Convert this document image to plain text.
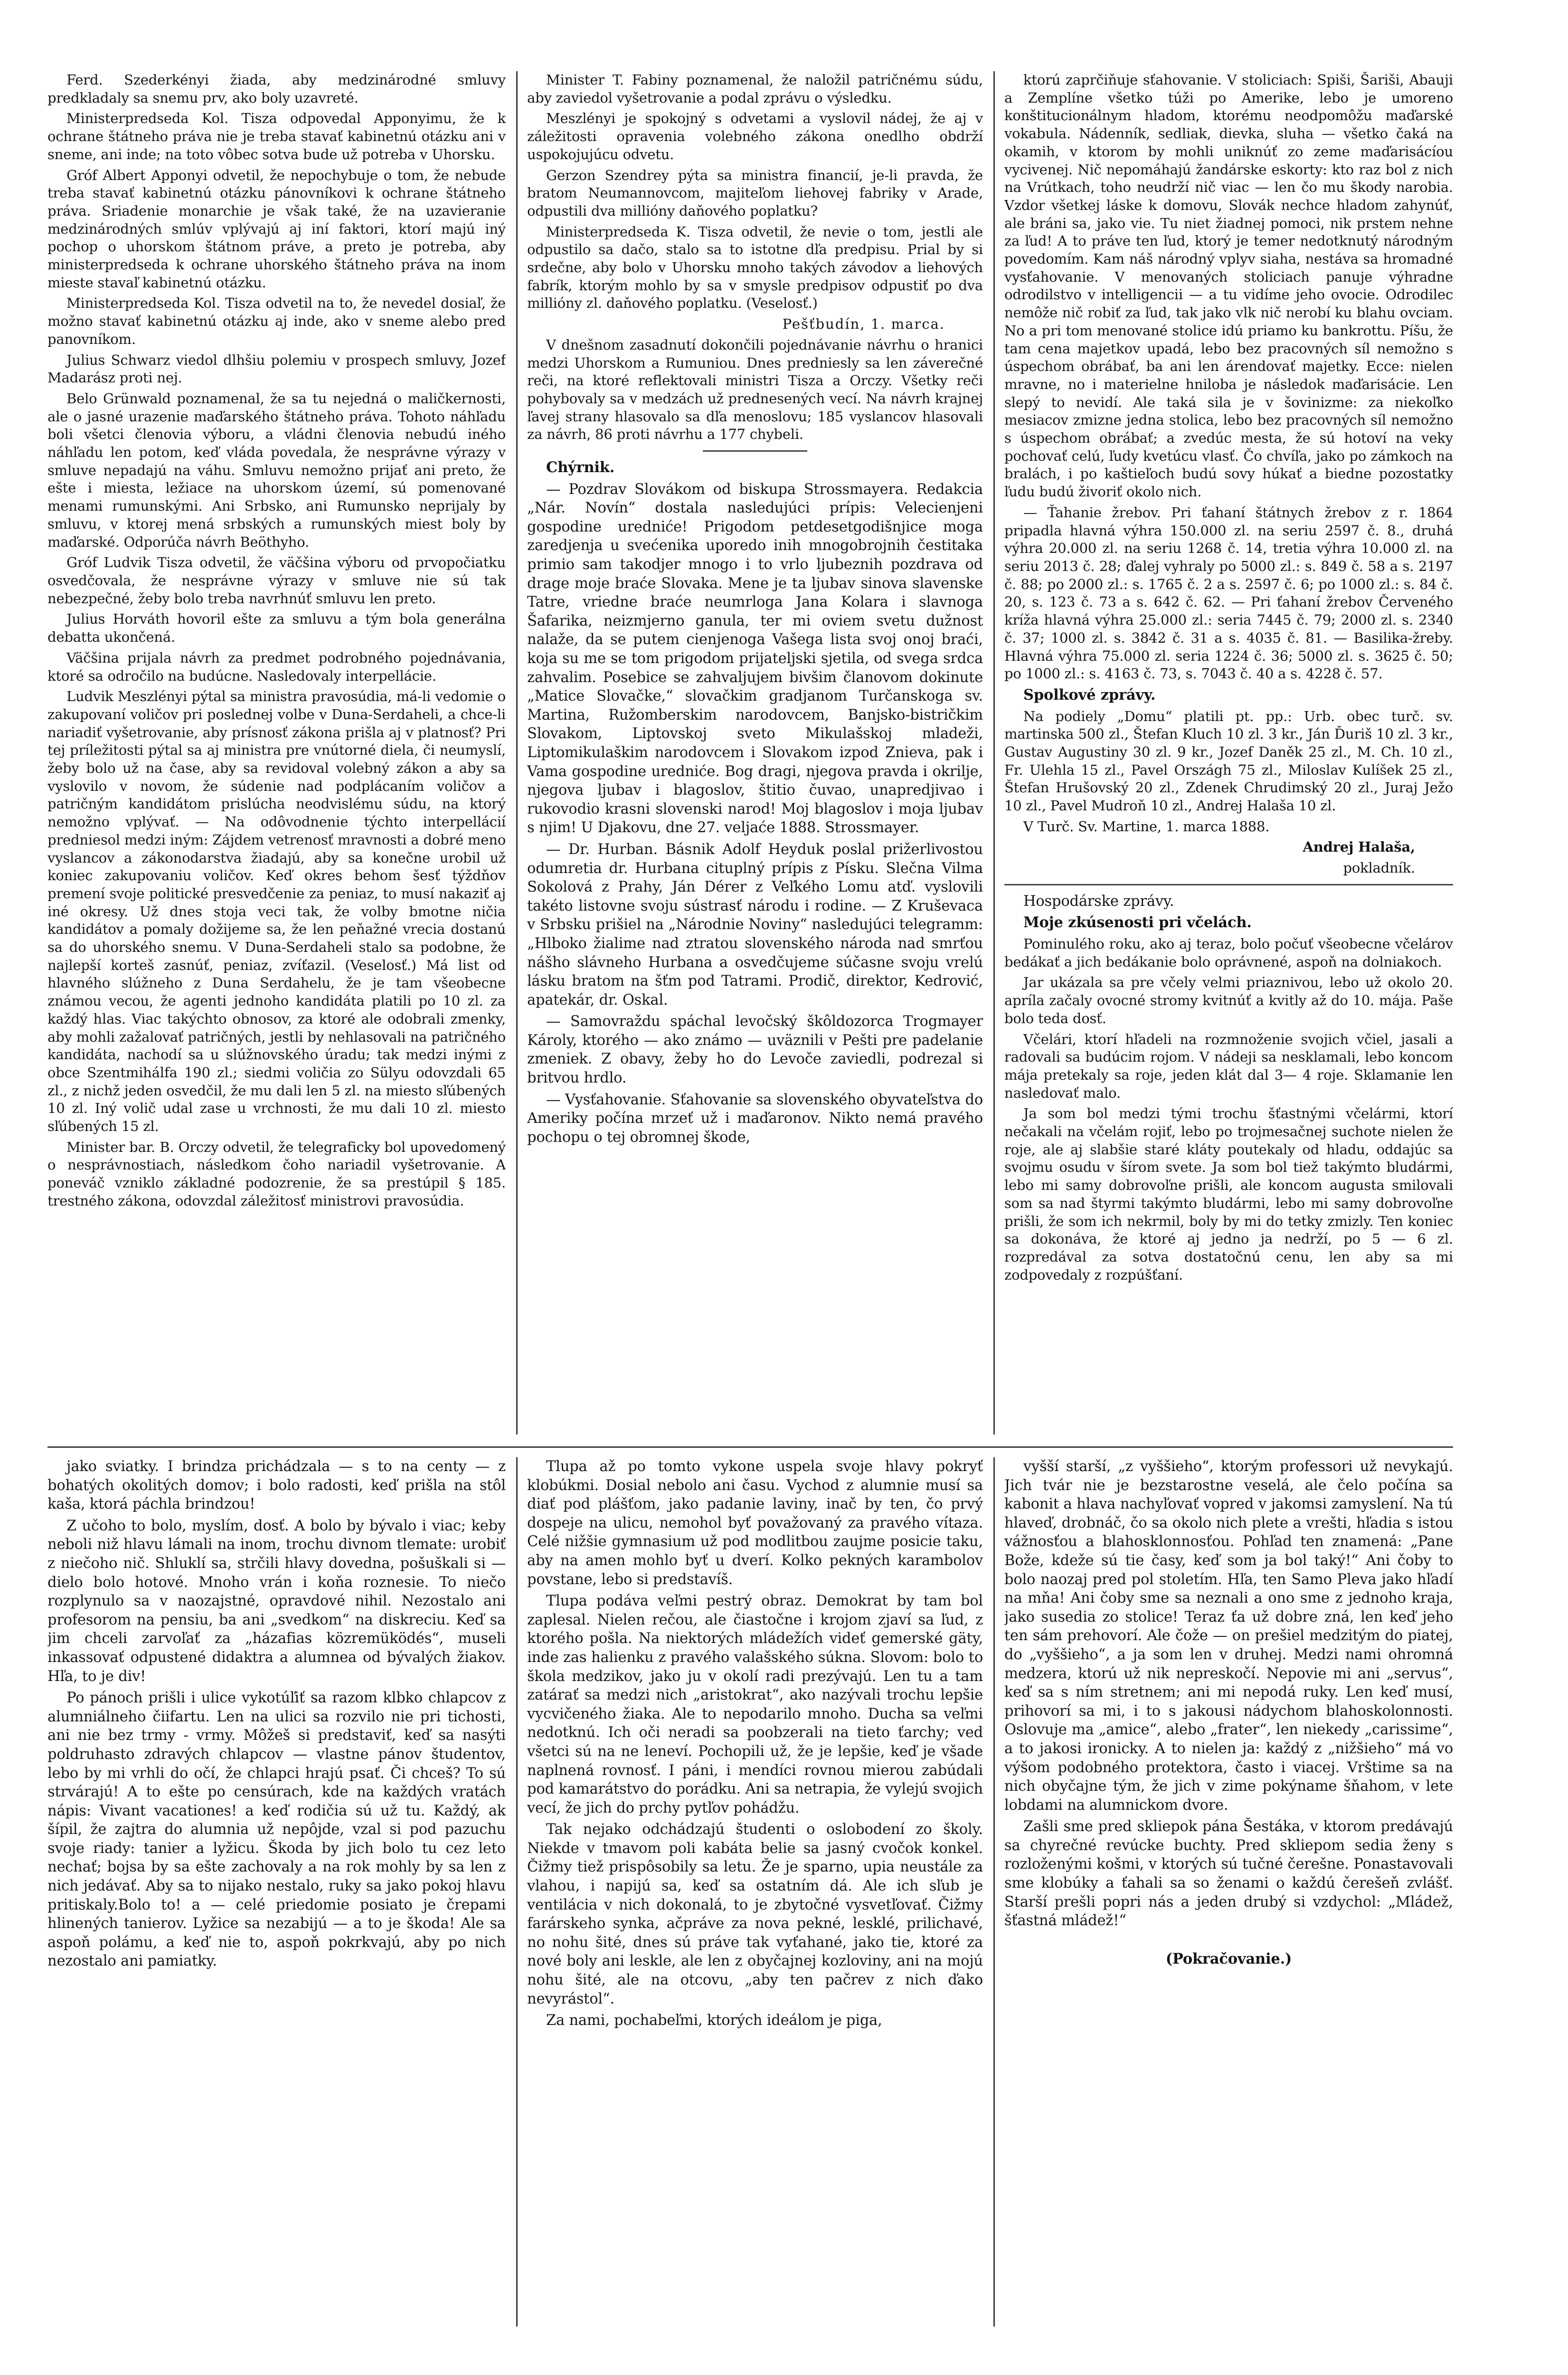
Ferd. Szederkényi žiada, aby medzinárodné smluvy predkladaly sa snemu prv, ako boly uzavreté.

Ministerpredseda Kol. Tisza odpovedal Apponyimu, že k ochrane štátneho práva nie je treba stavať kabinetnú otázku ani v sneme, ani inde; na toto vôbec sotva bude už potreba v Uhorsku.

Gróf Albert Apponyi odvetil, že nepochybuje o tom, že nebude treba stavať kabinetnú otázku pánovníkovi k ochrane štátneho práva. Sriadenie monarchie je však také, že na uzavieranie medzinárodných smlúv vplývajú aj iní faktori, ktorí majú iný pochop o uhorskom štátnom práve, a preto je potreba, aby ministerpredseda k ochrane uhorského štátneho práva na inom mieste stavaľ kabinetnú otázku.

Ministerpredseda Kol. Tisza odvetil na to, že nevedel dosiaľ, že možno stavať kabinetnú otázku aj inde, ako v sneme alebo pred panovníkom.

Julius Schwarz viedol dlhšiu polemiu v prospech smluvy, Jozef Madarász proti nej.

Belo Grünwald poznamenal, že sa tu nejedná o maličkernosti, ale o jasné urazenie maďarského štátneho práva. Tohoto náhľadu boli všetci členovia výboru, a vládni členovia nebudú iného náhľadu len potom, keď vláda povedala, že nesprávne výrazy v smluve nepadajú na váhu. Smluvu nemožno prijať ani preto, že ešte i miesta, ležiace na uhorskom území, sú pomenované menami rumunskými. Ani Srbsko, ani Rumunsko neprijaly by smluvu, v ktorej mená srbských a rumunských miest boly by maďarské. Odporúča návrh Beöthyho.

Gróf Ludvik Tisza odvetil, že väčšina výboru od prvopočiatku osvedčovala, že nesprávne výrazy v smluve nie sú tak nebezpečné, žeby bolo treba navrhnúť smluvu len preto.

Julius Horváth hovoril ešte za smluvu a tým bola generálna debatta ukončená.

Väčšina prijala návrh za predmet podrobného pojednávania, ktoré sa odročilo na budúcne. Nasledovaly interpellácie.

Ludvik Meszlényi pýtal sa ministra pravosúdia, má-li vedomie o zakupovaní voličov pri poslednej volbe v Duna-Serdaheli, a chce-li nariadiť vyšetrovanie, aby prísnosť zákona prišla aj v platnosť? Pri tej príležitosti pýtal sa aj ministra pre vnútorné diela, či neumyslí, žeby bolo už na čase, aby sa revidoval volebný zákon a aby sa vyslovilo v novom, že súdenie nad podplácaním voličov a patričným kandidátom prislúcha neodvislému súdu, na ktorý nemožno vplývať. — Na odôvodnenie týchto interpellácií predniesol medzi iným: Zájdem vetrenosť mravnosti a dobré meno vyslancov a zákonodarstva žiadajú, aby sa konečne urobil už koniec zakupovaniu voličov. Keď okres behom šesť týždňov premení svoje politické presvedčenie za peniaz, to musí nakaziť aj iné okresy. Už dnes stoja veci tak, že volby bmotne ničia kandidátov a pomaly dožijeme sa, že len peňažné vrecia dostanú sa do uhorského snemu. V Duna-Serdaheli stalo sa podobne, že najlepší korteš zasnúť, peniaz, zvíťazil. (Veselosť.) Má list od hlavného slúžneho z Duna Serdahelu, že je tam všeobecne známou vecou, že agenti jednoho kandidáta platili po 10 zl. za každý hlas. Viac takýchto obnosov, za ktoré ale odobrali zmenky, aby mohli zažalovať patričných, jestli by nehlasovali na patričného kandidáta, nachodí sa u slúžnovského úradu; tak medzi inými z obce Szentmihálfa 190 zl.; siedmi voličia zo Sülyu odovzdali 65 zl., z nichž jeden osvedčil, že mu dali len 5 zl. na miesto sľúbených 10 zl. Iný volič udal zase u vrchnosti, že mu dali 10 zl. miesto sľúbených 15 zl.

Minister bar. B. Orczy odvetil, že telegraficky bol upovedomený o nesprávnostiach, následkom čoho nariadil vyšetrovanie. A poneváč vzniklo základné podozrenie, že sa prestúpil § 185. trestného zákona, odovzdal záležitosť ministrovi pravosúdia.

Minister T. Fabiny poznamenal, že naložil patričnému súdu, aby zaviedol vyšetrovanie a podal zprávu o výsledku.

Meszlényi je spokojný s odvetami a vyslovil nádej, že aj v záležitosti opravenia volebného zákona onedlho obdrží uspokojujúcu odvetu.

Gerzon Szendrey pýta sa ministra financií, je-li pravda, že bratom Neumannovcom, majiteľom liehovej fabriky v Arade, odpustili dva millióny daňového poplatku?

Ministerpredseda K. Tisza odvetil, že nevie o tom, jestli ale odpustilo sa dačo, stalo sa to istotne dľa predpisu. Prial by si srdečne, aby bolo v Uhorsku mnoho takých závodov a liehových fabrík, ktorým mohlo by sa v smysle predpisov odpustiť po dva millióny zl. daňového poplatku. (Veselosť.)

Pešťbudín, 1. marca.

V dnešnom zasadnutí dokončili pojednávanie návrhu o hranici medzi Uhorskom a Rumuniou. Dnes predniesly sa len záverečné reči, na ktoré reflektovali ministri Tisza a Orczy. Všetky reči pohybovaly sa v medzách už prednesených vecí. Na návrh krajnej ľavej strany hlasovalo sa dľa menoslovu; 185 vyslancov hlasovali za návrh, 86 proti návrhu a 177 chybeli.

Chýrnik.

— Pozdrav Slovákom od biskupa Strossmayera. Redakcia „Nár. Novín“ dostala nasledujúci prípis: Velecienjeni gospodine urednićе! Prigodom petdesetgodišnjice moga zaredjenja u svećenika uporedo inih mnogobrojnih čestitaka primio sam takodjer mnogo i to vrlo ljubeznih pozdrava od drage moje braće Slovaka. Mene je ta ljubav sinova slavenske Tatre, vriedne braće neumrloga Jana Kolara i slavnoga Šafarika, neizmjerno ganula, ter mi oviem svetu dužnost nalaže, da se putem cienjenoga Vašega lista svoj onoj braći, koja su me se tom prigodom prijateljski sjetila, od svega srdca zahvalim. Posebice se zahvaljujem bivšim članovom dokinute „Matice Slovačke,“ slovačkim gradjanom Turčanskoga sv. Martina, Ružomberskim narodovcem, Banjsko-bistričkim Slovakom, Liptovskoj sveto Mikulašskoj mladeži, Liptomikulaškim narodovcem i Slovakom izpod Znieva, pak i Vama gospodine urednićе. Bog dragi, njegova pravda i okrilje, njegova ljubav i blagoslov, štitio čuvao, unapredjivao i rukovodio krasni slovenski narod! Moj blagoslov i moja ljubav s njim! U Djakovu, dne 27. veljaće 1888. Strossmayer.

— Dr. Hurban. Básnik Adolf Heyduk poslal prižerlivostou odumretia dr. Hurbana cituplný prípis z Písku. Slečna Vilma Sokolová z Prahy, Ján Dérer z Veľkého Lomu atď. vyslovili takéto listovne svoju sústrasť národu i rodine. — Z Kruševaca v Srbsku prišiel na „Národnie Noviny“ nasledujúci telegramm: „Hlboko žialime nad ztratou slovenského národa nad smrťou nášho slávneho Hurbana a osvedčujeme súčasne svoju vrelú lásku bratom na šťm pod Tatrami. Prodič, direktor, Kedrović, apatekár, dr. Oskal.

— Samovraždu spáchal levočský škôldozorca Trogmayer Károly, ktorého — ako známo — uväznili v Pešti pre padelanie zmeniek. Z obavy, žeby ho do Levoče zaviedli, podrezal si britvou hrdlo.

— Vysťahovanie. Sťahovanie sa slovenského obyvateľstva do Ameriky počína mrzeť už i maďaronov. Nikto nemá pravého pochopu o tej obromnej škode,

ktorú zaprčiňuje sťahovanie. V stoliciach: Spiši, Šariši, Abauji a Zemplíne všetko túži po Amerike, lebo je umoreno konštitucionálnym hladom, ktorému neodpomôžu maďarské vokabula. Nádenník, sedliak, dievka, sluha — všetko čaká na okamih, v ktorom by mohli uniknúť zo zeme maďarisácíou vycivenej. Nič nepomáhajú žandárske eskorty: kto raz bol z nich na Vrútkach, toho neudrží nič viac — len čo mu škody narobia. Vzdor všetkej láske k domovu, Slovák nechce hladom zahynúť, ale bráni sa, jako vie. Tu niet žiadnej pomoci, nik prstem nehne za ľud! A to práve ten ľud, ktorý je temer nedotknutý národným povedomím. Kam náš národný vplyv siaha, nestáva sa hromadné vysťahovanie. V menovaných stoliciach panuje výhradne odrodilstvo v intelligencii — a tu vidíme jeho ovocie. Odrodilec nemôže nič robiť za ľud, tak jako vlk nič nerobí ku blahu ovciam. No a pri tom menované stolice idú priamo ku bankrottu. Píšu, že tam cena majetkov upadá, lebo bez pracovných síl nemožno s úspechom obrábať, ba ani len árendovať majetky. Ecce: nielen mravne, no i materielne hniloba je následok maďarisácie. Len slepý to nevidí. Ale taká sila je v šovinizme: za niekoľko mesiacov zmizne jedna stolica, lebo bez pracovných síl nemožno s úspechom obrábať; a zvedúc mesta, že sú hotoví na veky pochovať celú, ľudy kvetúcu vlasť. Čo chvíľa, jako po zámkoch na bralách, i po kaštieľoch budú sovy húkať a biedne pozostatky ľudu budú živoriť okolo nich.

— Ťahanie žrebov. Pri ťahaní štátnych žrebov z r. 1864 pripadla hlavná výhra 150.000 zl. na seriu 2597 č. 8., druhá výhra 20.000 zl. na seriu 1268 č. 14, tretia výhra 10.000 zl. na seriu 2013 č. 28; ďalej vyhraly po 5000 zl.: s. 849 č. 58 a s. 2197 č. 88; po 2000 zl.: s. 1765 č. 2 a s. 2597 č. 6; po 1000 zl.: s. 84 č. 20, s. 123 č. 73 a s. 642 č. 62. — Pri ťahaní žrebov Červeného kríža hlavná výhra 25.000 zl.: seria 7445 č. 79; 2000 zl. s. 2340 č. 37; 1000 zl. s. 3842 č. 31 a s. 4035 č. 81. — Basilika-žreby. Hlavná výhra 75.000 zl. seria 1224 č. 36; 5000 zl. s. 3625 č. 50; po 1000 zl.: s. 4163 č. 73, s. 7043 č. 40 a s. 4228 č. 57.

Spolkové zprávy.

Na podiely „Domu“ platili pt. pp.: Urb. obec turč. sv. martinska 500 zl., Štefan Kluch 10 zl. 3 kr., Ján Ďuriš 10 zl. 3 kr., Gustav Augustiny 30 zl. 9 kr., Jozef Daněk 25 zl., M. Ch. 10 zl., Fr. Ulehla 15 zl., Pavel Országh 75 zl., Miloslav Kulíšek 25 zl., Štefan Hrušovský 20 zl., Zdenek Chrudimský 20 zl., Juraj Ježo 10 zl., Pavel Mudroň 10 zl., Andrej Halaša 10 zl.

V Turč. Sv. Martine, 1. marca 1888.

Andrej Halaša,

pokladník.

Hospodárske zprávy.

Moje zkúsenosti pri včelách.

Pominulého roku, ako aj teraz, bolo počuť všeobecne včelárov bedákať a jich bedákanie bolo oprávnené, aspoň na dolniakoch.

Jar ukázala sa pre včely velmi priaznivou, lebo už okolo 20. apríla začaly ovocné stromy kvitnúť a kvitly až do 10. mája. Paše bolo teda dosť.

Včelári, ktorí hľadeli na rozmnoženie svojich včiel, jasali a radovali sa budúcim rojom. V nádeji sa nesklamali, lebo koncom mája pretekaly sa roje, jeden klát dal 3— 4 roje. Sklamanie len nasledovať malo.

Ja som bol medzi tými trochu šťastnými včelármi, ktorí nečakali na včelám rojiť, lebo po trojmesačnej suchote nielen že roje, ale aj slabšie staré kláty poutekaly od hladu, oddajúc sa svojmu osudu v šírom svete. Ja som bol tiež takýmto bludármi, lebo mi samy dobrovoľne prišli, ale koncom augusta smilovali som sa nad štyrmi takýmto bludármi, lebo mi samy dobrovoľne prišli, že som ich nekrmil, boly by mi do tetky zmizly. Ten koniec sa dokonáva, že ktoré aj jedno ja nedrží, po 5 — 6 zl. rozpredával za sotva dostatočnú cenu, len aby sa mi zodpovedaly z rozpúšťaní.

jako sviatky. I brindza prichádzala — s to na centy — z bohatých okolitých domov; i bolo radosti, keď prišla na stôl kaša, ktorá páchla brindzou!

Z učoho to bolo, myslím, dosť. A bolo by bývalo i viac; keby neboli niž hlavu lámali na inom, trochu divnom tlemate: urobiť z niečoho nič. Shluklí sa, strčili hlavy dovedna, pošuškali si — dielo bolo hotové. Mnoho vrán i koňa roznesie. To niečo rozplynulo sa v naozajstné, opravdové nihil. Nezostalo ani profesorom na pensiu, ba ani „svedkom“ na diskreciu. Keď sa jim chceli zarvoľať za „házafias közremüködés“, museli inkassovať odpustené didaktra a alumnea od bývalých žiakov. Hľa, to je div!

Po pánoch prišli i ulice vykotúľiť sa razom klbko chlapcov z alumniálneho čiifartu. Len na ulici sa rozvilo nie pri tichosti, ani nie bez trmy - vrmy. Môžeš si predstaviť, keď sa nasýti poldruhasto zdravých chlapcov — vlastne pánov študentov, lebo by mi vrhli do očí, že chlapci hrajú psať. Či chceš? To sú strvárajú! A to ešte po censúrach, kde na každých vratách nápis: Vivant vacationes! a keď rodičia sú už tu. Každý, ak šípil, že zajtra do alumnia už nepôjde, vzal si pod pazuchu svoje riady: tanier a lyžicu. Škoda by jich bolo tu cez leto nechať; bojsa by sa ešte zachovaly a na rok mohly by sa len z nich jedávať. Aby sa to nijako nestalo, ruky sa jako pokoj hlavu pritiskaly.Bolo to! a — celé priedomie posiato je črepami hlinených tanierov. Lyžice sa nezabijú — a to je škoda! Ale sa aspoň polámu, a keď nie to, aspoň pokrkvajú, aby po nich nezostalo ani pamiatky.

Tlupa až po tomto vykone uspela svoje hlavy pokryť klobúkmi. Dosial nebolo ani času. Vychod z alumnie musí sa diať pod plášťom, jako padanie laviny, inač by ten, čo prvý dospeje na ulicu, nemohol byť považovaný za pravého vítaza. Celé nižšie gymnasium už pod modlitbou zaujme posicie taku, aby na amen mohlo byť u dverí. Kolko pekných karambolov povstane, lebo si predstavíš.

Tlupa podáva veľmi pestrý obraz. Demokrat by tam bol zaplesal. Nielen rečou, ale čiastočne i krojom zjaví sa ľud, z ktorého pošla. Na niektorých mládežích videť gemerské gäty, inde zas halienku z pravého valašského súkna. Slovom: bolo to škola medzikov, jako ju v okolí radi prezývajú. Len tu a tam zatárať sa medzi nich „aristokrat“, ako nazývali trochu lepšie vycvičeného žiaka. Ale to nepodarilo mnoho. Ducha sa veľmi nedotknú. Ich oči neradi sa poobzerali na tieto ťarchy; veď všetci sú na ne leneví. Pochopili už, že je lepšie, keď je všade naplnená rovnosť. I páni, i mendíci rovnou mierou zabúdali pod kamarátstvo do porádku. Ani sa netrapia, že vylejú svojich vecí, že jich do prchy pytľov pohádžu.

Tak nejako odchádzajú študenti o oslobodení zo školy. Niekde v tmavom poli kabáta belie sa jasný cvočok konkel. Čižmy tiež prispôsobily sa letu. Že je sparno, upia neustále za vlahou, i napijú sa, keď sa ostatním dá. Ale ich sľub je ventilácia v nich dokonalá, to je zbytočné vysvetľovať. Čižmy farárskeho synka, ačpráve za nova pekné, lesklé, prilichavé, no nohu šité, dnes sú práve tak vyťahané, jako tie, ktoré za nové boly ani leskle, ale len z obyčajnej kozloviny, ani na mojú nohu šité, ale na otcovu, „aby ten pačrev z nich ďako nevyrástol“.

Za nami, pochabeľmi, ktorých ideálom je piga,

vyšší starší, „z vyššieho“, ktorým professori už nevykajú. Jich tvár nie je bezstarostne veselá, ale čelo počína sa kabonit a hlava nachyľovať vopred v jakomsi zamyslení. Na tú hlaveď, drobnáč, čo sa okolo nich plete a vrešti, hľadia s istou vážnosťou a blahosklonnosťou. Pohľad ten znamená: „Pane Bože, kdeže sú tie časy, keď som ja bol taký!“ Ani čoby to bolo naozaj pred pol stoletím. Hľa, ten Samo Pleva jako hľadí na mňa! Ani čoby sme sa neznali a ono sme z jednoho kraja, jako susedia zo stolice! Teraz ťa už dobre zná, len keď jeho ten sám prehovorí. Ale čože — on prešiel medzitým do piatej, do „vyššieho“, a ja som len v druhej. Medzi nami ohromná medzera, ktorú už nik nepreskočí. Nepovie mi ani „servus“, keď sa s ním stretnem; ani mi nepodá ruky. Len keď musí, prihovorí sa mi, i to s jakousi nádychom blahoskolonnosti. Oslovuje ma „amice“, alebo „frater“, len niekedy „carissime“, a to jakosi ironicky. A to nielen ja: každý z „nižšieho“ má vo výšom podobného protektora, často i viacej. Vrštime sa na nich obyčajne tým, že jich v zime pokýname šňahom, v lete lobdami na alumnickom dvore.

Zašli sme pred skliepok pána Šestáka, v ktorom predávajú sa chyrečné revúcke buchty. Pred skliepom sedia ženy s rozloženými košmi, v ktorých sú tučné čerešne. Ponastavovali sme klobúky a ťahali sa so ženami o každú čerešeň zvlášť. Starší prešli popri nás a jeden drubý si vzdychol: „Mládež, šťastná mládež!“

(Pokračovanie.)
